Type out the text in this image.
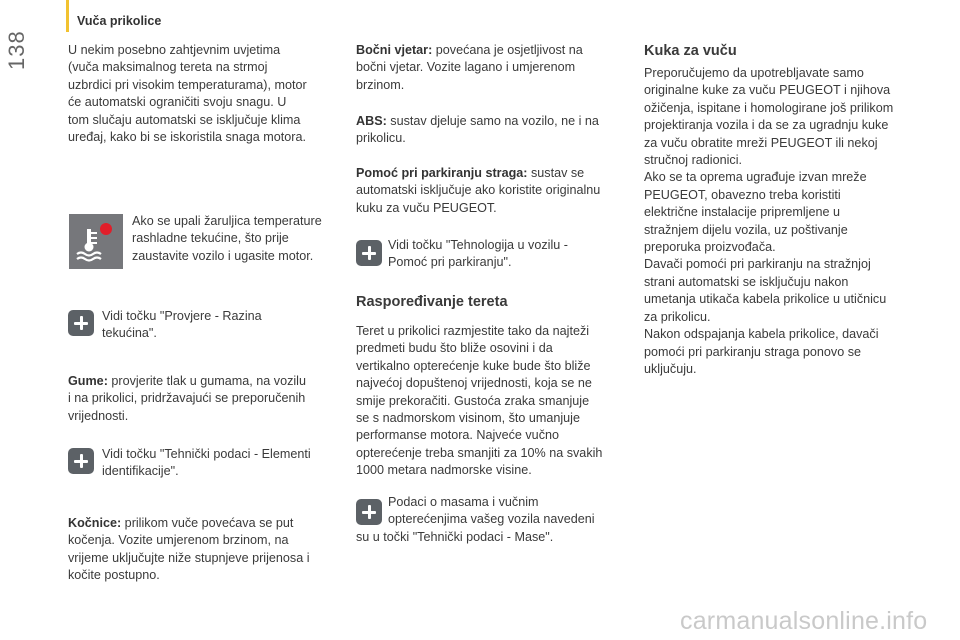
Vuča prikolice
138	U nekim posebno zahtjevnim uvjetima
(vuča maksimalnog tereta na strmoj
uzbrdici pri visokim temperaturama), motor
će automatski ograničiti svoju snagu. U
tom slučaju automatski se isključuje klima
uređaj, kako bi se iskoristila snaga motora.
Ako se upali žaruljica temperature
rashladne tekućine, što prije
zaustavite vozilo i ugasite motor.
Vidi točku "Provjere - Razina
tekućina".
Gume: provjerite tlak u gumama, na vozilu
i na prikolici, pridržavajući se preporučenih
vrijednosti.
Vidi točku "Tehnički podaci - Elementi
identifikacije".
Kočnice: prilikom vuče povećava se put
kočenja. Vozite umjerenom brzinom, na
vrijeme uključujte niže stupnjeve prijenosa i
kočite postupno.
Bočni vjetar: povećana je osjetljivost na
bočni vjetar. Vozite lagano i umjerenom
brzinom.
ABS: sustav djeluje samo na vozilo, ne i na
prikolicu.
Pomoć pri parkiranju straga: sustav se
automatski isključuje ako koristite originalnu
kuku za vuču PEUGEOT.
Vidi točku "Tehnologija u vozilu -
Pomoć pri parkiranju".
Raspoređivanje tereta
Teret u prikolici razmjestite tako da najteži
predmeti budu što bliže osovini i da
vertikalno opterećenje kuke bude što bliže
najvećoj dopuštenoj vrijednosti, koja se ne
smije prekoračiti. Gustoća zraka smanjuje
se s nadmorskom visinom, što umanjuje
performanse motora. Najveće vučno
opterećenje treba smanjiti za 10% na svakih
1000 metara nadmorske visine.
Podaci o masama i vučnim
opterećenjima vašeg vozila navedeni
su u točki "Tehnički podaci - Mase".
Kuka za vuču
Preporučujemo da upotrebljavate samo
originalne kuke za vuču PEUGEOT i njihova
ožičenja, ispitane i homologirane još prilikom
projektiranja vozila i da se za ugradnju kuke
za vuču obratite mreži PEUGEOT ili nekoj
stručnoj radionici.
Ako se ta oprema ugrađuje izvan mreže
PEUGEOT, obavezno treba koristiti
električne instalacije pripremljene u
stražnjem dijelu vozila, uz poštivanje
preporuka proizvođača.
Davači pomoći pri parkiranju na stražnjoj
strani automatski se isključuju nakon
umetanja utikača kabela prikolice u utičnicu
za prikolicu.
Nakon odspajanja kabela prikolice, davači
pomoći pri parkiranju straga ponovo se
uključuju.
carmanualsonline.info
